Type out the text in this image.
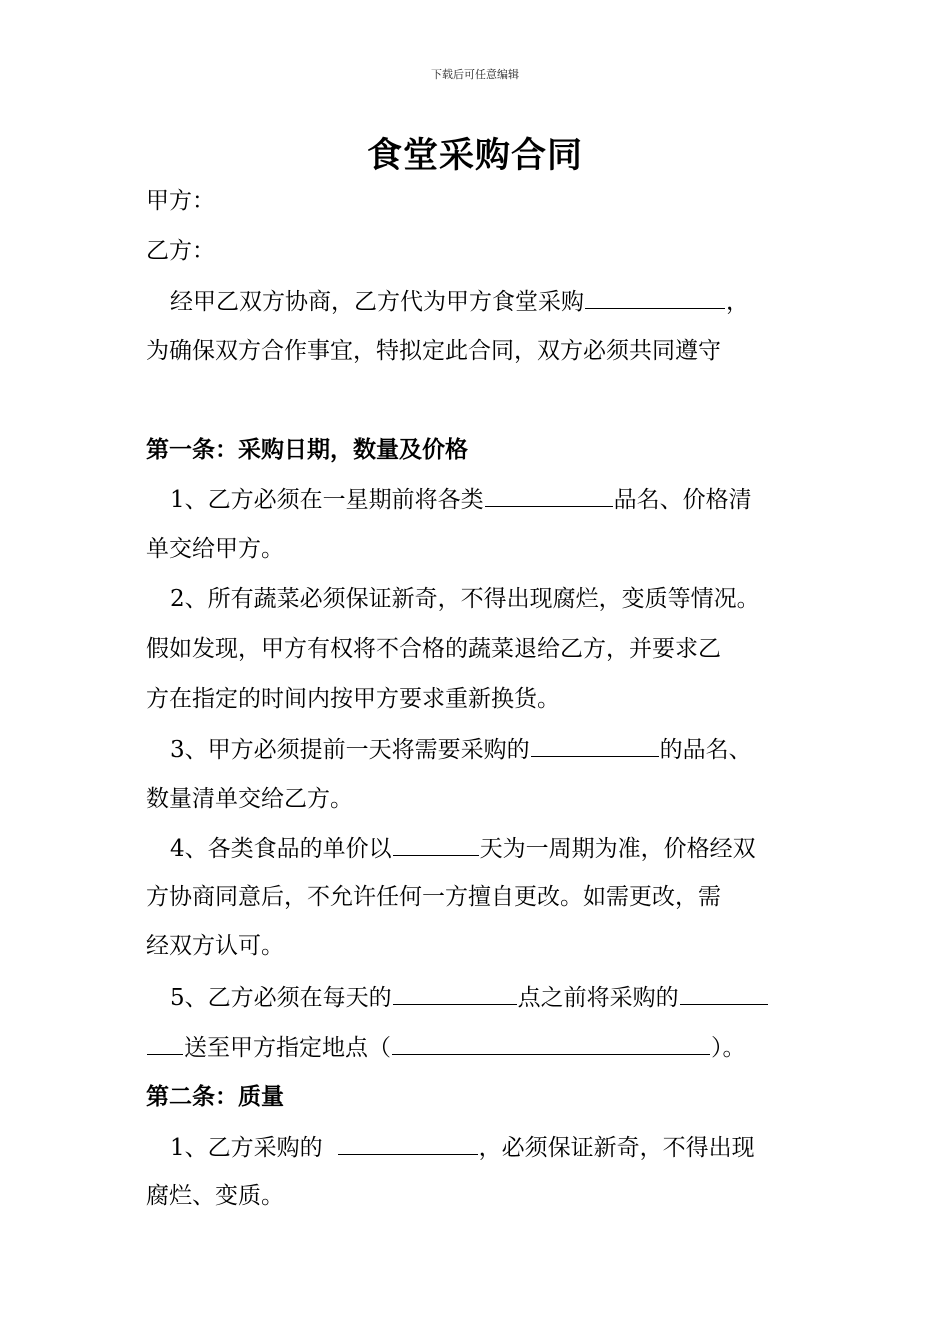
下载后可任意编辑
食堂采购合同
甲方：
乙方：
经甲乙双方协商，乙方代为甲方食堂采购	，
为确保双方合作事宜，特拟定此合同，双方必须共同遵守
第一条：采购日期，数量及价格
1、乙方必须在一星期前将各类	品名、价格清
单交给甲方。
2、所有蔬菜必须保证新奇，不得出现腐烂，变质等情况。
假如发现，甲方有权将不合格的蔬菜退给乙方，并要求乙
方在指定的时间内按甲方要求重新换货。
3、甲方必须提前一天将需要采购的	的品名、
数量清单交给乙方。
4、各类食品的单价以	天为一周期为准，价格经双
方协商同意后，不允许任何一方擅自更改。如需更改，需
经双方认可。
5、乙方必须在每天的	点之前将采购的
送至甲方指定地点（	）。
第二条：质量
1、乙方采购的	，必须保证新奇，不得出现
腐烂、变质。
